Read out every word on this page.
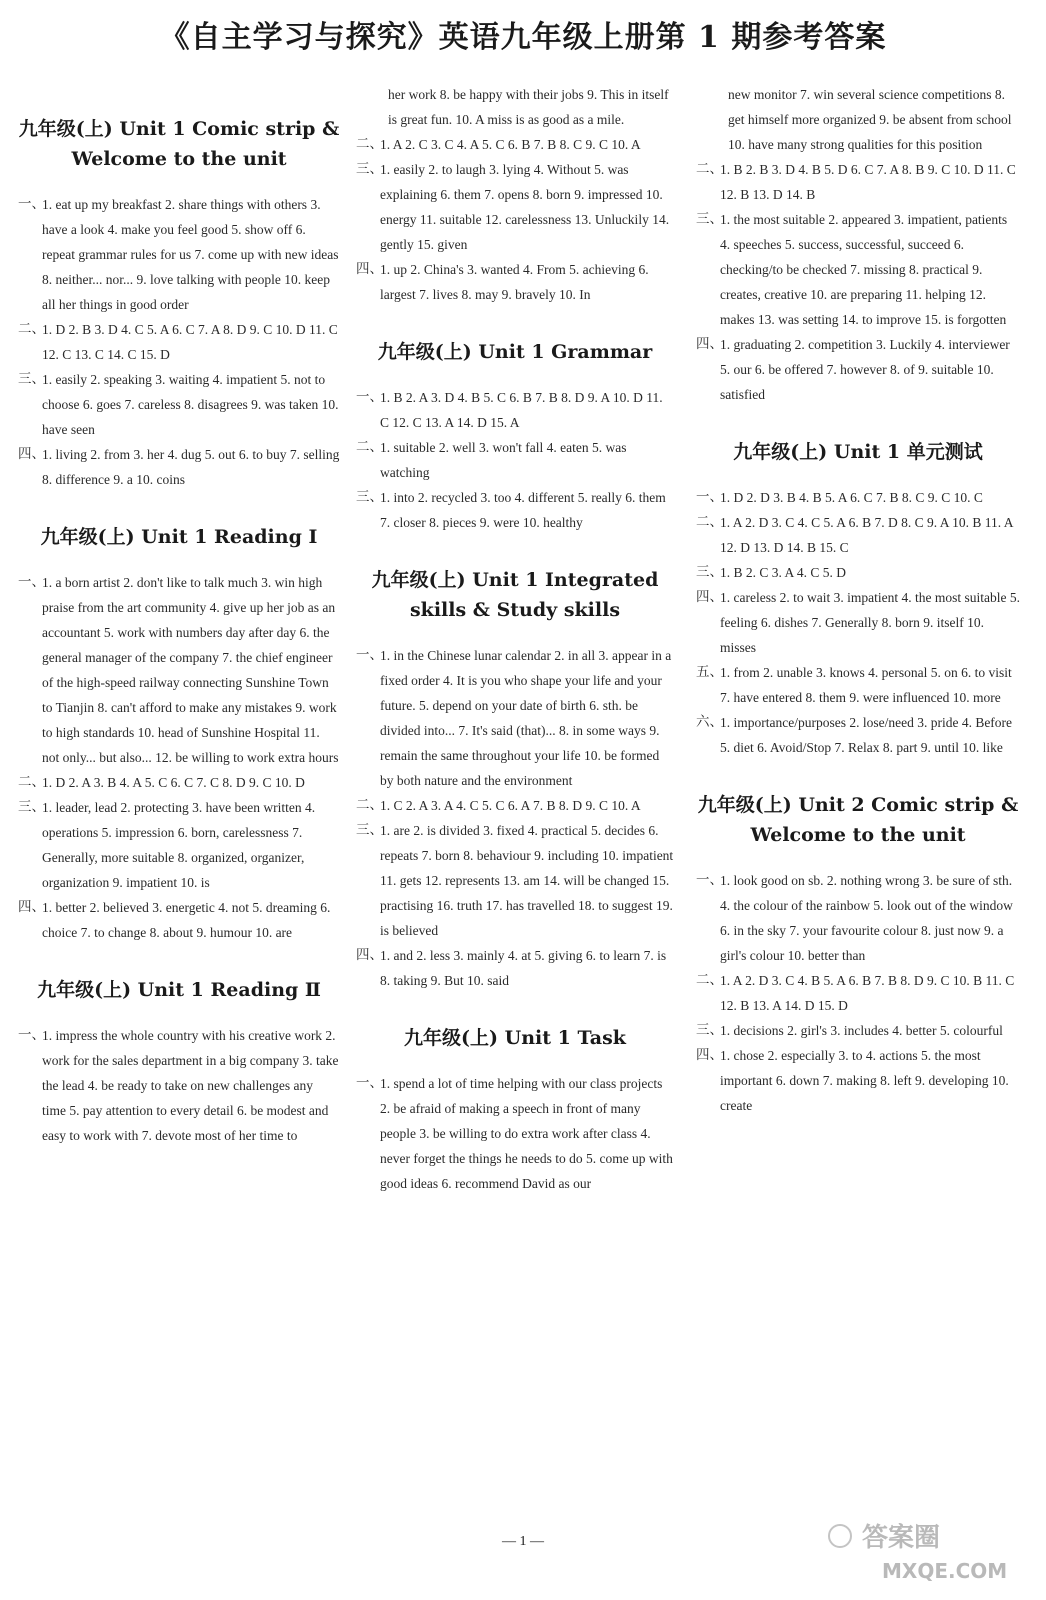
《自主学习与探究》英语九年级上册第 1 期参考答案
九年级(上) Unit 1 Comic strip & Welcome to the unit
一、
1. eat up my breakfast 2. share things with others 3. have a look 4. make you feel good 5. show off 6. repeat grammar rules for us 7. come up with new ideas 8. neither... nor... 9. love talking with people 10. keep all her things in good order
二、
1. D 2. B 3. D 4. C 5. A 6. C 7. A 8. D 9. C 10. D 11. C 12. C 13. C 14. C 15. D
三、
1. easily 2. speaking 3. waiting 4. impatient 5. not to choose 6. goes 7. careless 8. disagrees 9. was taken 10. have seen
四、
1. living 2. from 3. her 4. dug 5. out 6. to buy 7. selling 8. difference 9. a 10. coins
九年级(上) Unit 1 Reading Ⅰ
一、
1. a born artist 2. don't like to talk much 3. win high praise from the art community 4. give up her job as an accountant 5. work with numbers day after day 6. the general manager of the company 7. the chief engineer of the high-speed railway connecting Sunshine Town to Tianjin 8. can't afford to make any mistakes 9. work to high standards 10. head of Sunshine Hospital 11. not only... but also... 12. be willing to work extra hours
二、
1. D 2. A 3. B 4. A 5. C 6. C 7. C 8. D 9. C 10. D
三、
1. leader, lead 2. protecting 3. have been written 4. operations 5. impression 6. born, carelessness 7. Generally, more suitable 8. organized, organizer, organization 9. impatient 10. is
四、
1. better 2. believed 3. energetic 4. not 5. dreaming 6. choice 7. to change 8. about 9. humour 10. are
九年级(上) Unit 1 Reading Ⅱ
一、
1. impress the whole country with his creative work 2. work for the sales department in a big company 3. take the lead 4. be ready to take on new challenges any time 5. pay attention to every detail 6. be modest and easy to work with 7. devote most of her time to
her work 8. be happy with their jobs 9. This in itself is great fun. 10. A miss is as good as a mile.
二、
1. A 2. C 3. C 4. A 5. C 6. B 7. B 8. C 9. C 10. A
三、
1. easily 2. to laugh 3. lying 4. Without 5. was explaining 6. them 7. opens 8. born 9. impressed 10. energy 11. suitable 12. carelessness 13. Unluckily 14. gently 15. given
四、
1. up 2. China's 3. wanted 4. From 5. achieving 6. largest 7. lives 8. may 9. bravely 10. In
九年级(上) Unit 1 Grammar
一、
1. B 2. A 3. D 4. B 5. C 6. B 7. B 8. D 9. A 10. D 11. C 12. C 13. A 14. D 15. A
二、
1. suitable 2. well 3. won't fall 4. eaten 5. was watching
三、
1. into 2. recycled 3. too 4. different 5. really 6. them 7. closer 8. pieces 9. were 10. healthy
九年级(上) Unit 1 Integrated skills & Study skills
一、
1. in the Chinese lunar calendar 2. in all 3. appear in a fixed order 4. It is you who shape your life and your future. 5. depend on your date of birth 6. sth. be divided into... 7. It's said (that)... 8. in some ways 9. remain the same throughout your life 10. be formed by both nature and the environment
二、
1. C 2. A 3. A 4. C 5. C 6. A 7. B 8. D 9. C 10. A
三、
1. are 2. is divided 3. fixed 4. practical 5. decides 6. repeats 7. born 8. behaviour 9. including 10. impatient 11. gets 12. represents 13. am 14. will be changed 15. practising 16. truth 17. has travelled 18. to suggest 19. is believed
四、
1. and 2. less 3. mainly 4. at 5. giving 6. to learn 7. is 8. taking 9. But 10. said
九年级(上) Unit 1 Task
一、
1. spend a lot of time helping with our class projects 2. be afraid of making a speech in front of many people 3. be willing to do extra work after class 4. never forget the things he needs to do 5. come up with good ideas 6. recommend David as our
new monitor 7. win several science competitions 8. get himself more organized 9. be absent from school 10. have many strong qualities for this position
二、
1. B 2. B 3. D 4. B 5. D 6. C 7. A 8. B 9. C 10. D 11. C 12. B 13. D 14. B
三、
1. the most suitable 2. appeared 3. impatient, patients 4. speeches 5. success, successful, succeed 6. checking/to be checked 7. missing 8. practical 9. creates, creative 10. are preparing 11. helping 12. makes 13. was setting 14. to improve 15. is forgotten
四、
1. graduating 2. competition 3. Luckily 4. interviewer 5. our 6. be offered 7. however 8. of 9. suitable 10. satisfied
九年级(上) Unit 1 单元测试
一、
1. D 2. D 3. B 4. B 5. A 6. C 7. B 8. C 9. C 10. C
二、
1. A 2. D 3. C 4. C 5. A 6. B 7. D 8. C 9. A 10. B 11. A 12. D 13. D 14. B 15. C
三、
1. B 2. C 3. A 4. C 5. D
四、
1. careless 2. to wait 3. impatient 4. the most suitable 5. feeling 6. dishes 7. Generally 8. born 9. itself 10. misses
五、
1. from 2. unable 3. knows 4. personal 5. on 6. to visit 7. have entered 8. them 9. were influenced 10. more
六、
1. importance/purposes 2. lose/need 3. pride 4. Before 5. diet 6. Avoid/Stop 7. Relax 8. part 9. until 10. like
九年级(上) Unit 2 Comic strip & Welcome to the unit
一、
1. look good on sb. 2. nothing wrong 3. be sure of sth. 4. the colour of the rainbow 5. look out of the window 6. in the sky 7. your favourite colour 8. just now 9. a girl's colour 10. better than
二、
1. A 2. D 3. C 4. B 5. A 6. B 7. B 8. D 9. C 10. B 11. C 12. B 13. A 14. D 15. D
三、
1. decisions 2. girl's 3. includes 4. better 5. colourful
四、
1. chose 2. especially 3. to 4. actions 5. the most important 6. down 7. making 8. left 9. developing 10. create
— 1 —	答案圈
MXQE.COM
